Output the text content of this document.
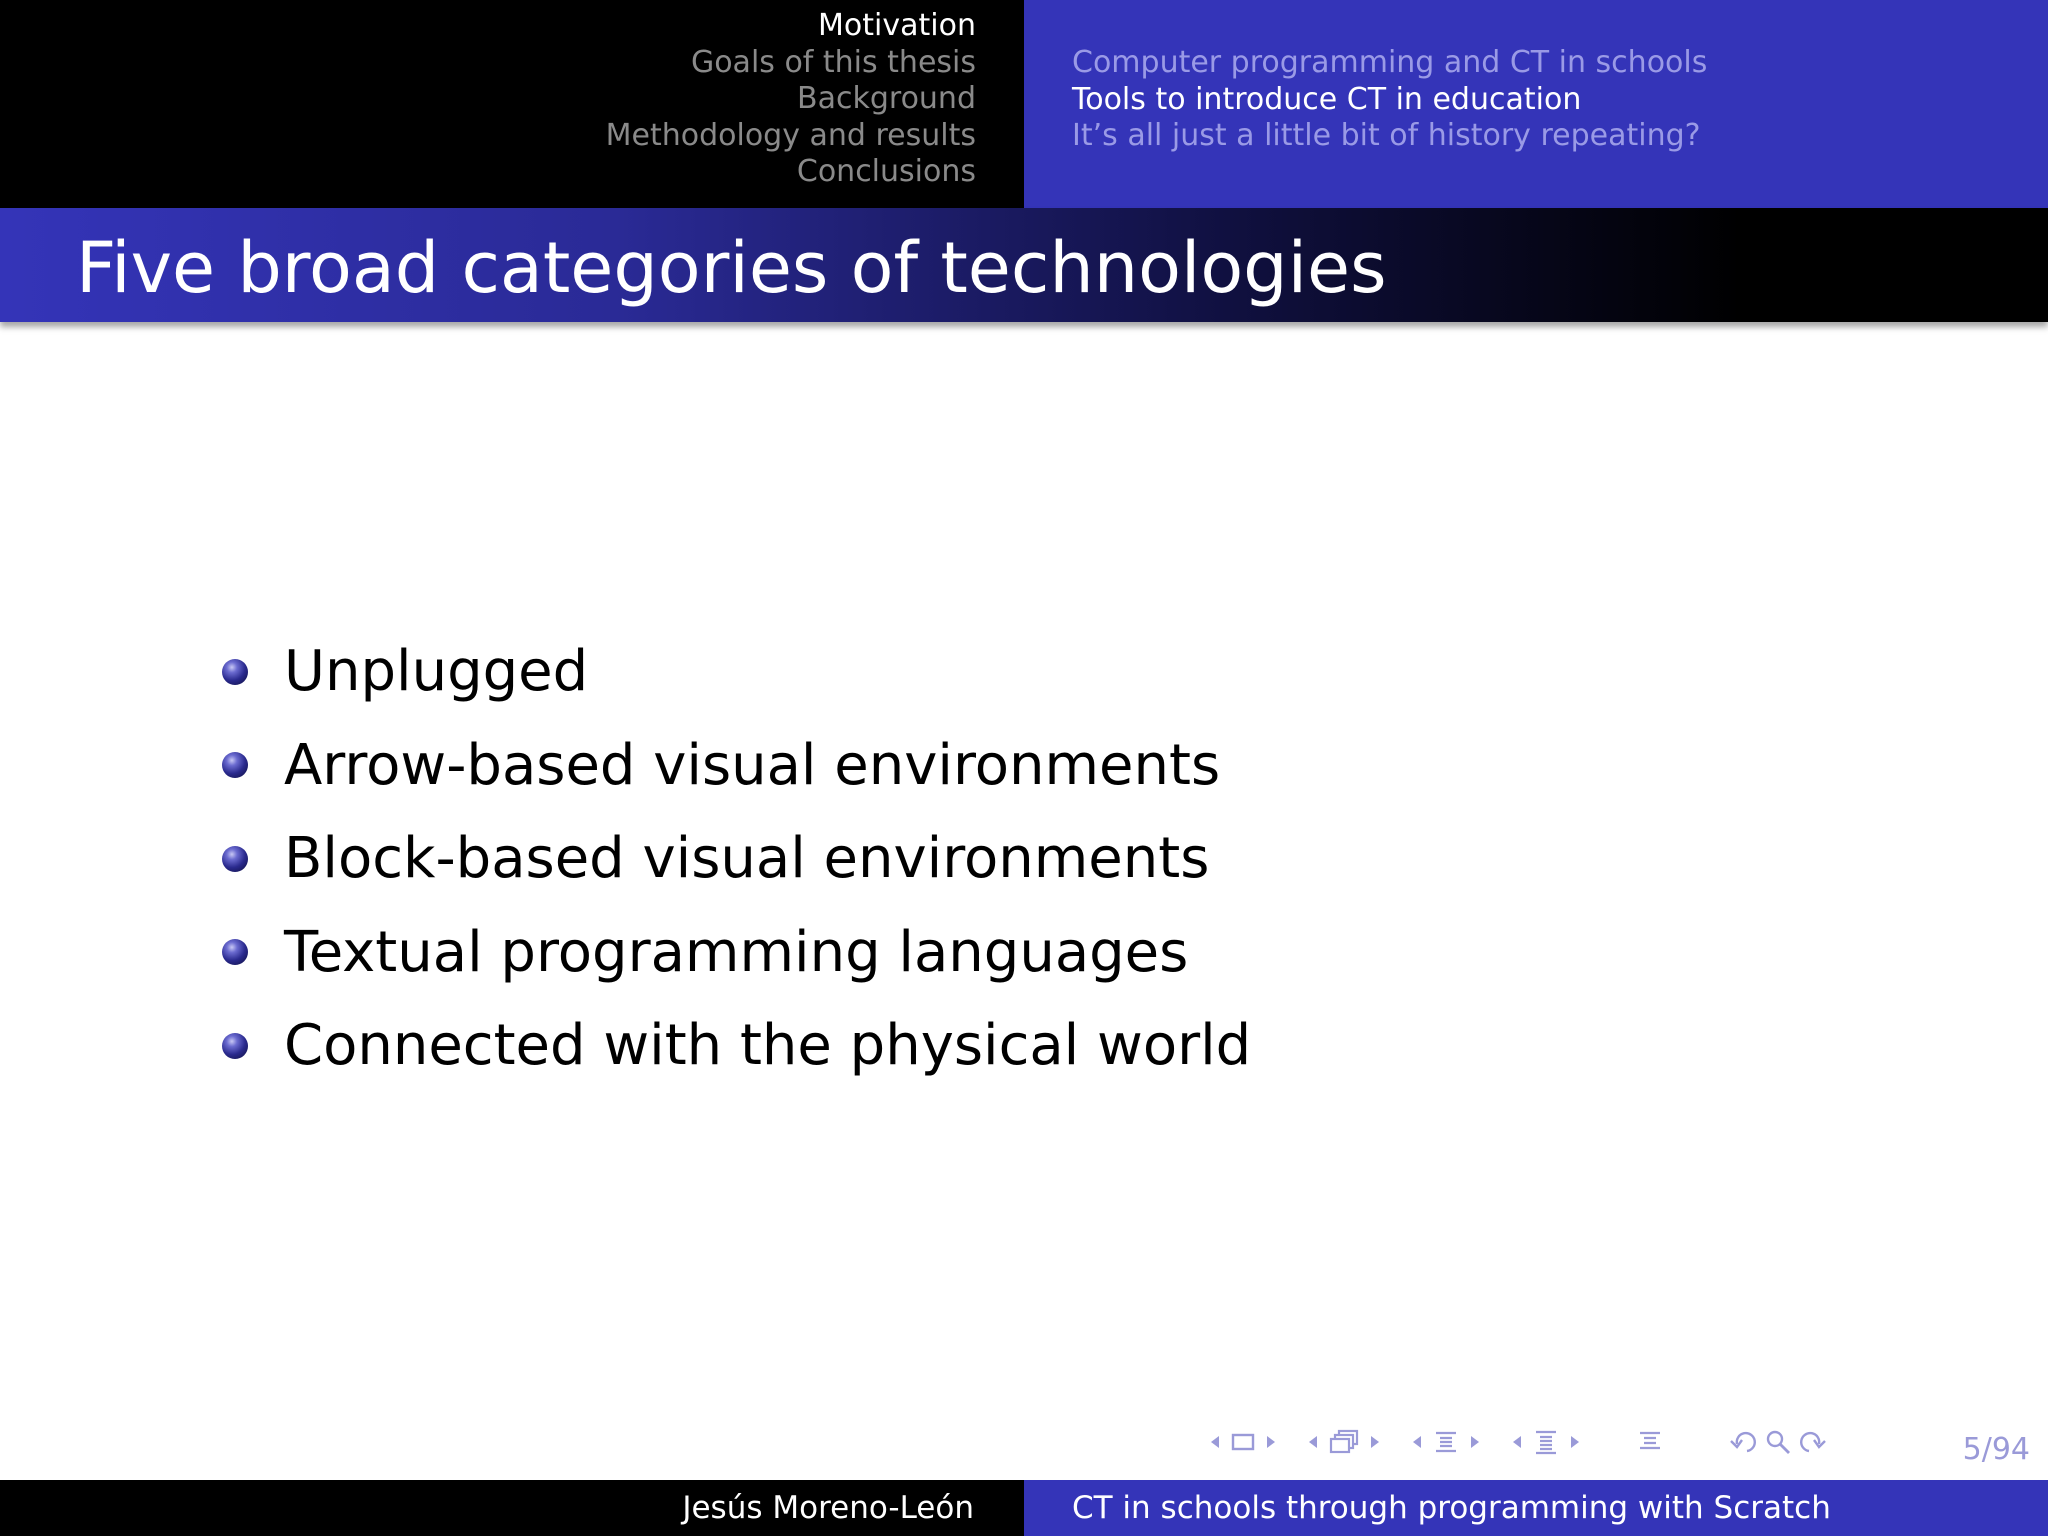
Motivation
Goals of this thesis
Background
Methodology and results
Conclusions
Computer programming and CT in schools
Tools to introduce CT in education
It’s all just a little bit of history repeating?
Five broad categories of technologies
Unplugged
Arrow-based visual environments
Block-based visual environments
Textual programming languages
Connected with the physical world
5/94
Jesús Moreno-León	CT in schools through programming with Scratch
